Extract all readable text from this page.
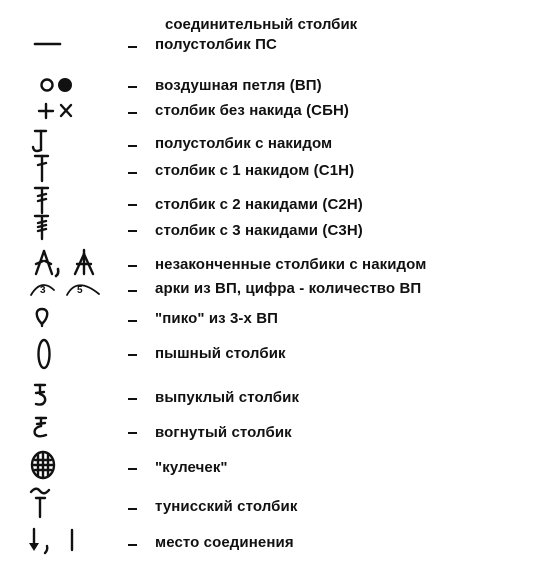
соединительный столбик
полустолбик ПС
воздушная петля (ВП)
столбик без накида (СБН)
полустолбик с накидом
столбик с 1 накидом (С1Н)
столбик с 2 накидами (С2Н)
столбик с 3 накидами (С3Н)
незаконченные столбики с накидом
3	5	арки из ВП, цифра - количество ВП
"пико" из 3-х ВП
пышный столбик
выпуклый столбик
вогнутый столбик
"кулечек"
тунисский столбик
место соединения
